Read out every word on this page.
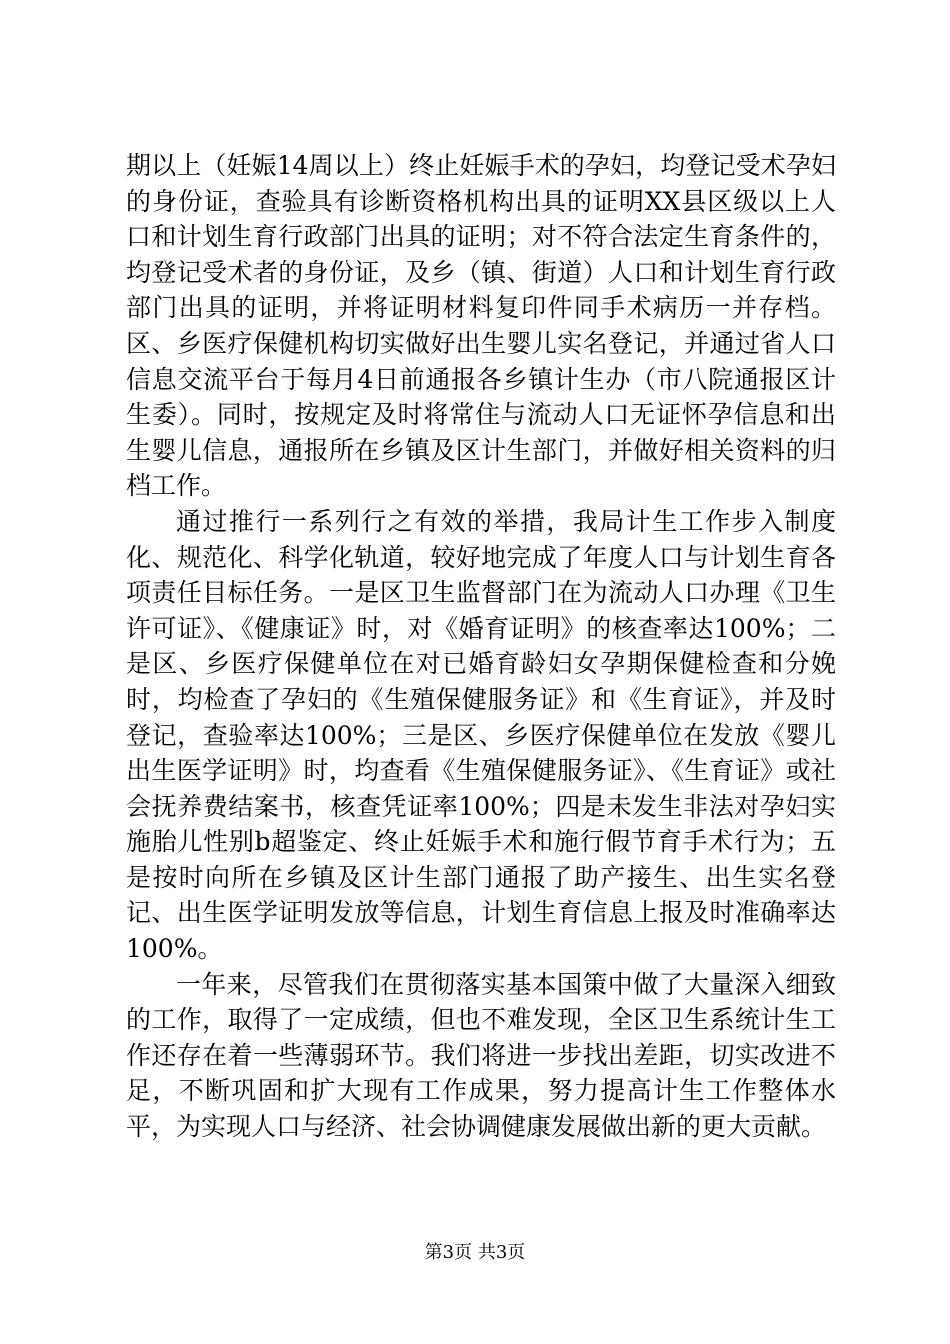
期以上（妊娠14周以上）终止妊娠手术的孕妇，均登记受术孕妇的身份证，查验具有诊断资格机构出具的证明XX县区级以上人口和计划生育行政部门出具的证明；对不符合法定生育条件的，均登记受术者的身份证，及乡（镇、街道）人口和计划生育行政部门出具的证明，并将证明材料复印件同手术病历一并存档。区、乡医疗保健机构切实做好出生婴儿实名登记，并通过省人口信息交流平台于每月4日前通报各乡镇计生办（市八院通报区计生委）。同时，按规定及时将常住与流动人口无证怀孕信息和出生婴儿信息，通报所在乡镇及区计生部门，并做好相关资料的归档工作。

通过推行一系列行之有效的举措，我局计生工作步入制度化、规范化、科学化轨道，较好地完成了年度人口与计划生育各项责任目标任务。一是区卫生监督部门在为流动人口办理《卫生许可证》、《健康证》时，对《婚育证明》的核查率达100%；二是区、乡医疗保健单位在对已婚育龄妇女孕期保健检查和分娩时，均检查了孕妇的《生殖保健服务证》和《生育证》，并及时登记，查验率达100%；三是区、乡医疗保健单位在发放《婴儿出生医学证明》时，均查看《生殖保健服务证》、《生育证》或社会抚养费结案书，核查凭证率100%；四是未发生非法对孕妇实施胎儿性别b超鉴定、终止妊娠手术和施行假节育手术行为；五是按时向所在乡镇及区计生部门通报了助产接生、出生实名登记、出生医学证明发放等信息，计划生育信息上报及时准确率达100%。

一年来，尽管我们在贯彻落实基本国策中做了大量深入细致的工作，取得了一定成绩，但也不难发现，全区卫生系统计生工作还存在着一些薄弱环节。我们将进一步找出差距，切实改进不足，不断巩固和扩大现有工作成果，努力提高计生工作整体水平，为实现人口与经济、社会协调健康发展做出新的更大贡献。

第3页 共3页
